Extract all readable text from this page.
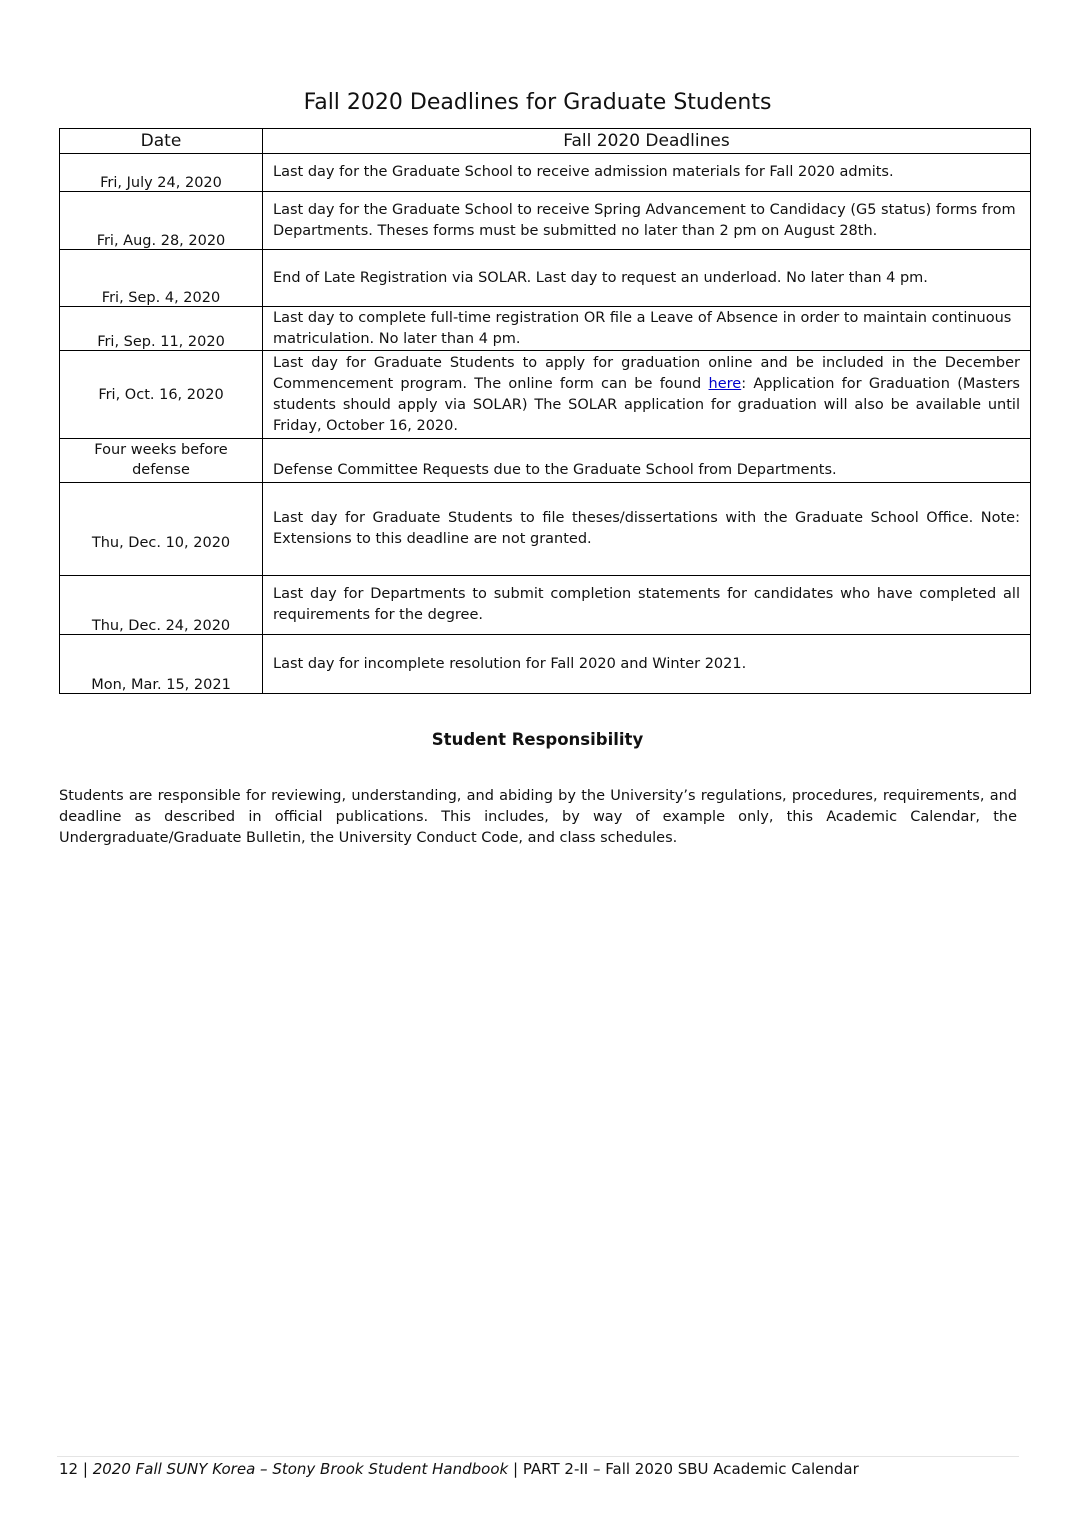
Fall 2020 Deadlines for Graduate Students
Date	Fall 2020 Deadlines
Fri, July 24, 2020	Last day for the Graduate School to receive admission materials for Fall 2020 admits.
Fri, Aug. 28, 2020	Last day for the Graduate School to receive Spring Advancement to Candidacy (G5 status) forms from Departments. Theses forms must be submitted no later than 2 pm on August 28th.
Fri, Sep. 4, 2020	End of Late Registration via SOLAR. Last day to request an underload. No later than 4 pm.
Fri, Sep. 11, 2020	Last day to complete full-time registration OR file a Leave of Absence in order to maintain continuous matriculation. No later than 4 pm.
Fri, Oct. 16, 2020	Last day for Graduate Students to apply for graduation online and be included in the December Commencement program. The online form can be found here: Application for Graduation (Masters students should apply via SOLAR) The SOLAR application for graduation will also be available until Friday, October 16, 2020.
Four weeks before defense	Defense Committee Requests due to the Graduate School from Departments.
Thu, Dec. 10, 2020	Last day for Graduate Students to file theses/dissertations with the Graduate School Office. Note: Extensions to this deadline are not granted.
Thu, Dec. 24, 2020	Last day for Departments to submit completion statements for candidates who have completed all requirements for the degree.
Mon, Mar. 15, 2021	Last day for incomplete resolution for Fall 2020 and Winter 2021.
Student Responsibility
Students are responsible for reviewing, understanding, and abiding by the University’s regulations, procedures, requirements, and deadline as described in official publications. This includes, by way of example only, this Academic Calendar, the Undergraduate/Graduate Bulletin, the University Conduct Code, and class schedules.
12 | 2020 Fall SUNY Korea – Stony Brook Student Handbook | PART 2-II – Fall 2020 SBU Academic Calendar
